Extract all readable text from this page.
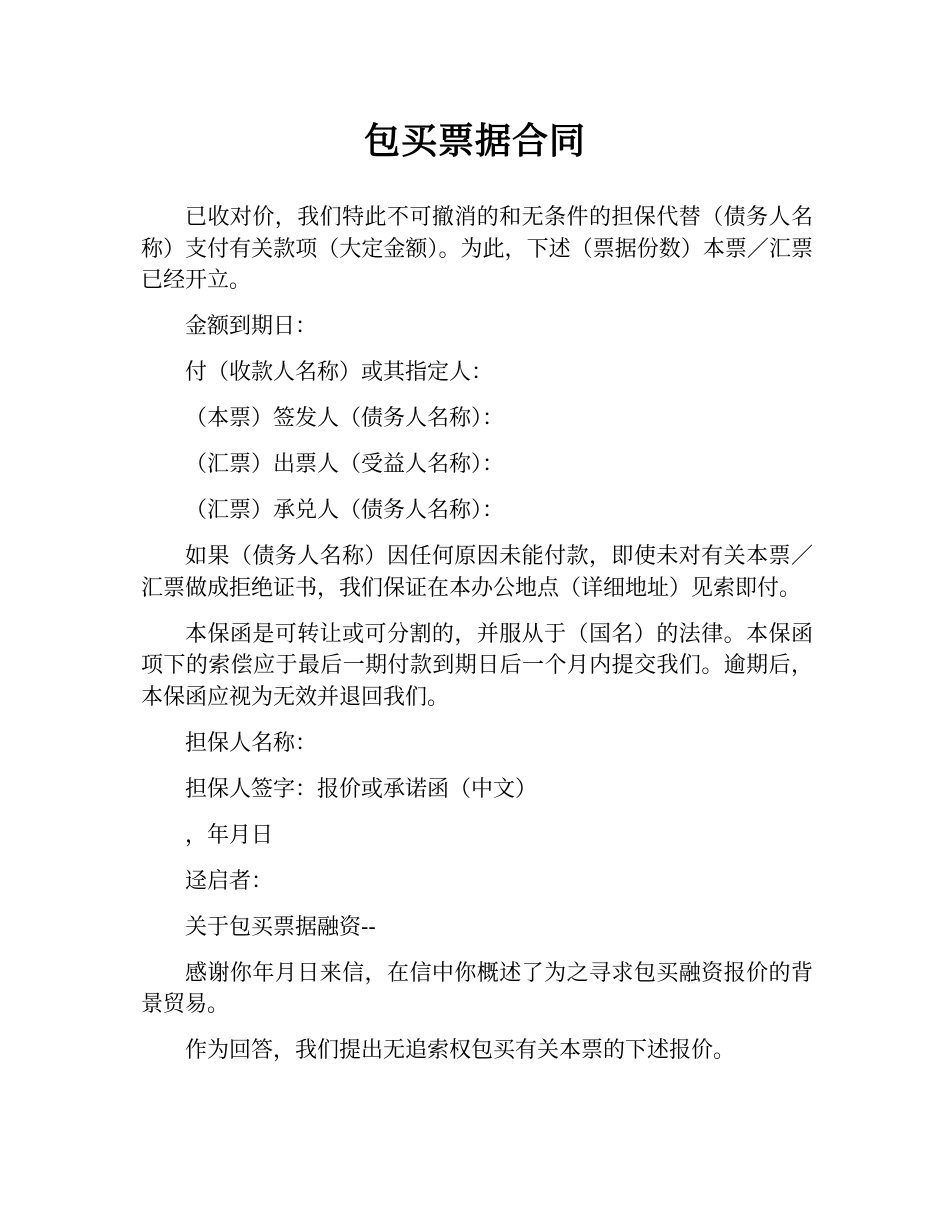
包买票据合同

已收对价，我们特此不可撤消的和无条件的担保代替（债务人名称）支付有关款项（大定金额）。为此，下述（票据份数）本票／汇票已经开立。

金额到期日：

付（收款人名称）或其指定人：

（本票）签发人（债务人名称）：

（汇票）出票人（受益人名称）：

（汇票）承兑人（债务人名称）：

如果（债务人名称）因任何原因未能付款，即使未对有关本票／汇票做成拒绝证书，我们保证在本办公地点（详细地址）见索即付。

本保函是可转让或可分割的，并服从于（国名）的法律。本保函项下的索偿应于最后一期付款到期日后一个月内提交我们。逾期后，本保函应视为无效并退回我们。

担保人名称：

担保人签字：报价或承诺函（中文）

，年月日

迳启者：

关于包买票据融资--

感谢你年月日来信，在信中你概述了为之寻求包买融资报价的背景贸易。

作为回答，我们提出无追索权包买有关本票的下述报价。
